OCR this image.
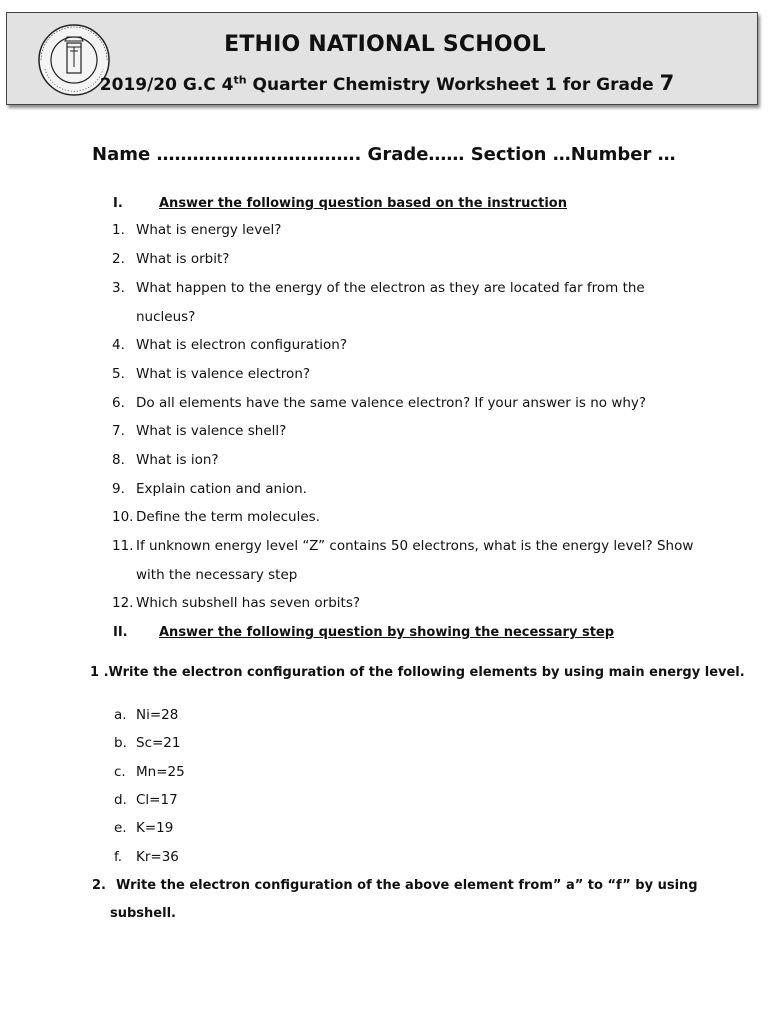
ETHIO NATIONAL SCHOOL
2019/20 G.C 4th Quarter Chemistry Worksheet 1 for Grade 7
Name ……………………………. Grade…… Section …Number …
I.	Answer the following question based on the instruction
1. What is energy level?
2. What is orbit?
3. What happen to the energy of the electron as they are located far from the
nucleus?
4. What is electron configuration?
5. What is valence electron?
6. Do all elements have the same valence electron? If your answer is no why?
7. What is valence shell?
8. What is ion?
9. Explain cation and anion.
10. Define the term molecules.
11. If unknown energy level “Z” contains 50 electrons, what is the energy level? Show
with the necessary step
12. Which subshell has seven orbits?
II. Answer the following question by showing the necessary step
1 .Write the electron configuration of the following elements by using main energy level.
a. Ni=28
b. Sc=21
c. Mn=25
d. Cl=17
e. K=19
f. Kr=36
2. Write the electron configuration of the above element from” a” to “f” by using
subshell.
